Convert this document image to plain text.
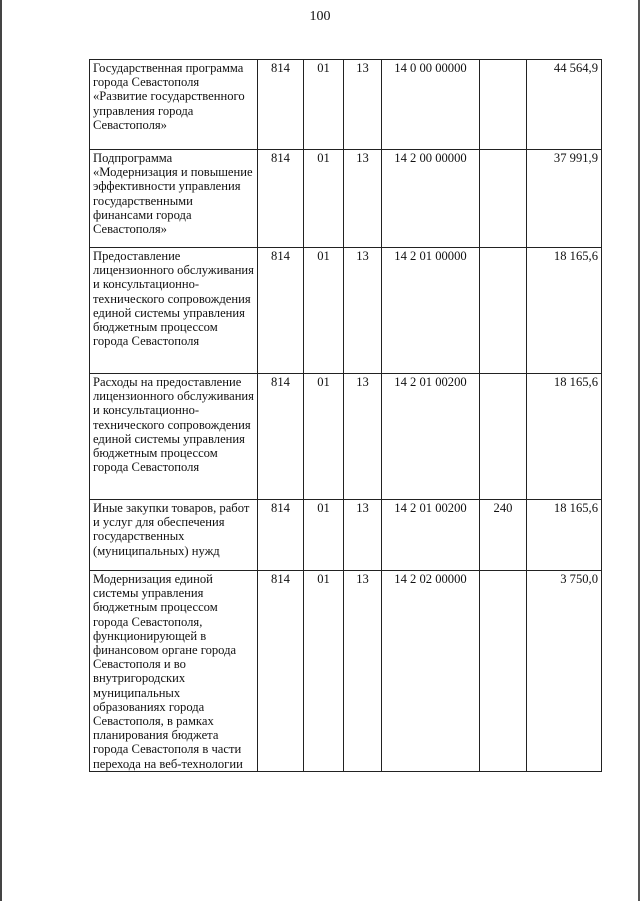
100
Государственная программа города Севастополя «Развитие государственного управления города Севастополя»	814	01	13	14 0 00 00000		44 564,9
Подпрограмма «Модернизация и повышение эффективности управления государственными финансами города Севастополя»	814	01	13	14 2 00 00000		37 991,9
Предоставление лицензионного обслуживания и консультационно-технического сопровождения единой системы управления бюджетным процессом города Севастополя	814	01	13	14 2 01 00000		18 165,6
Расходы на предоставление лицензионного обслуживания и консультационно-технического сопровождения единой системы управления бюджетным процессом города Севастополя	814	01	13	14 2 01 00200		18 165,6
Иные закупки товаров, работ и услуг для обеспечения государственных (муниципальных) нужд	814	01	13	14 2 01 00200	240	18 165,6
Модернизация единой системы управления бюджетным процессом города Севастополя, функционирующей в финансовом органе города Севастополя и во внутригородских муниципальных образованиях города Севастополя, в рамках планирования бюджета города Севастополя в части перехода на веб-технологии	814	01	13	14 2 02 00000		3 750,0
